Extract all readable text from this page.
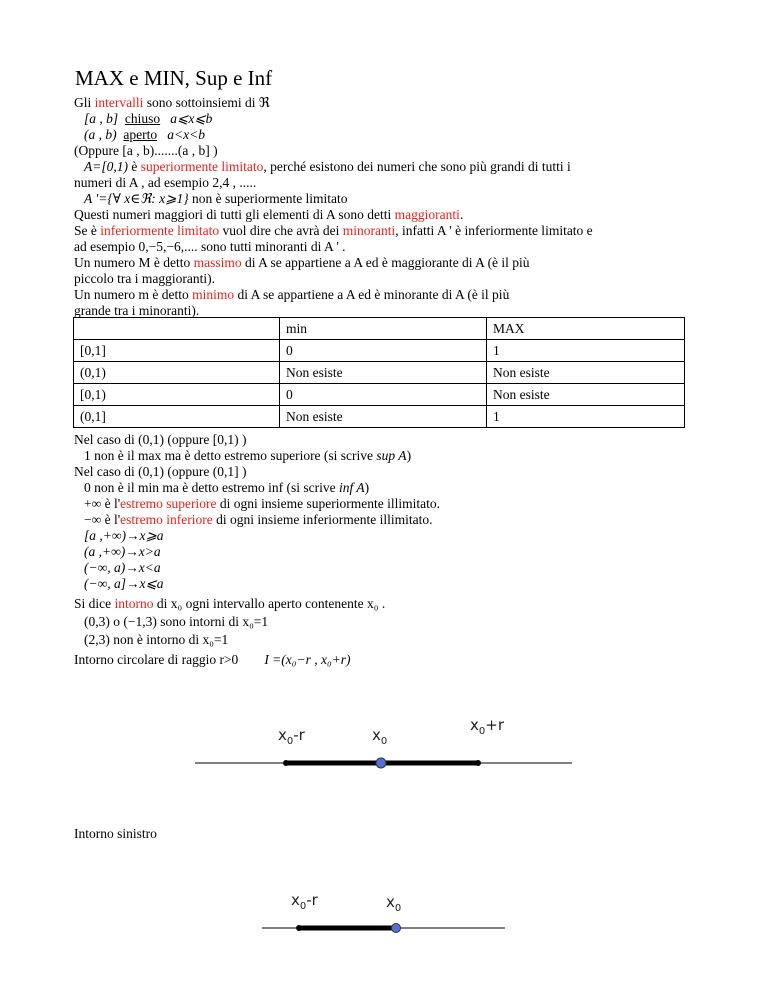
MAX e MIN, Sup e Inf
Gli intervalli sono sottoinsiemi di ℜ
[a , b] chiuso a⩽x⩽b
(a , b) aperto a<x<b
(Oppure [a , b).......(a , b] )
A=[0,1) è superiormente limitato, perché esistono dei numeri che sono più grandi di tutti i
numeri di A , ad esempio 2,4 , .....
A '={∀ x∈ℜ: x⩾1} non è superiormente limitato
Questi numeri maggiori di tutti gli elementi di A sono detti maggioranti.
Se è inferiormente limitato vuol dire che avrà dei minoranti, infatti A ' è inferiormente limitato e
ad esempio 0,−5,−6,.... sono tutti minoranti di A ' .
Un numero M è detto massimo di A se appartiene a A ed è maggiorante di A (è il più
piccolo tra i maggioranti).
Un numero m è detto minimo di A se appartiene a A ed è minorante di A (è il più
grande tra i minoranti).
	min	MAX
[0,1]	0	1
(0,1)	Non esiste	Non esiste
[0,1)	0	Non esiste
(0,1]	Non esiste	1
Nel caso di (0,1) (oppure [0,1) )
1 non è il max ma è detto estremo superiore (si scrive sup A)
Nel caso di (0,1) (oppure (0,1] )
0 non è il min ma è detto estremo inf (si scrive inf A)
+∞ è l'estremo superiore di ogni insieme superiormente illimitato.
−∞ è l'estremo inferiore di ogni insieme inferiormente illimitato.
[a ,+∞)→x⩾a
(a ,+∞)→x>a
(−∞, a)→x<a
(−∞, a]→x⩽a
Si dice intorno di x₀ ogni intervallo aperto contenente x₀ .
(0,3) o (−1,3) sono intorni di x₀=1
(2,3) non è intorno di x₀=1
Intorno circolare di raggio r>0 I =(x₀−r , x₀+r)
$x_0-r$	$x_0$
$x_0+r$
Intorno sinistro
$x_0-r$	$x_0$
